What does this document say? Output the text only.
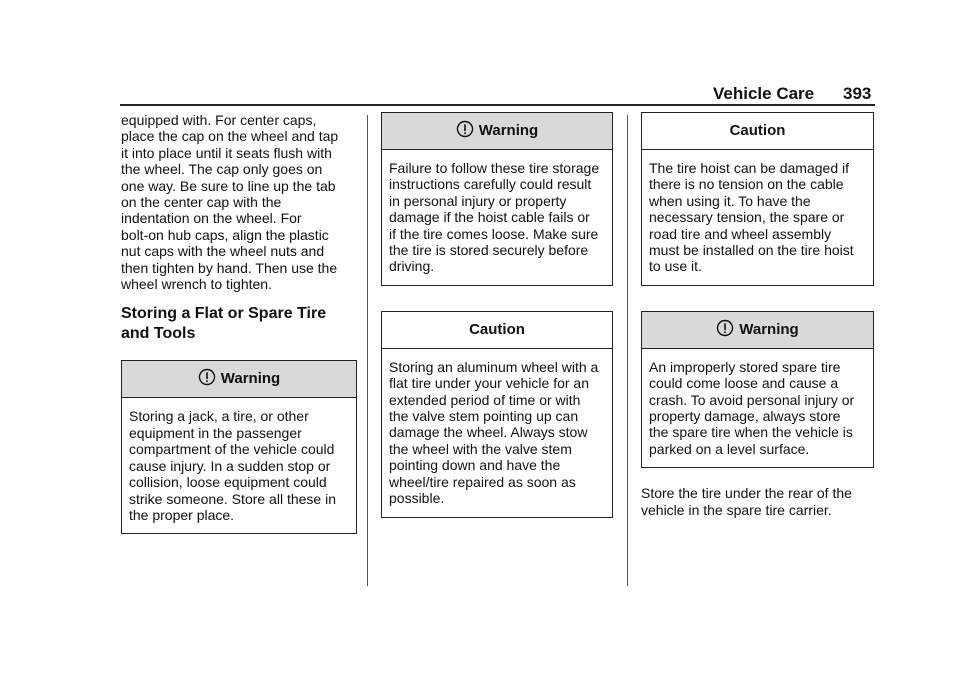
Vehicle Care 393

equipped with. For center caps,
place the cap on the wheel and tap
it into place until it seats flush with
the wheel. The cap only goes on
one way. Be sure to line up the tab
on the center cap with the
indentation on the wheel. For
bolt-on hub caps, align the plastic
nut caps with the wheel nuts and
then tighten by hand. Then use the
wheel wrench to tighten.

Storing a Flat or Spare Tire
and Tools

Warning
Storing a jack, a tire, or other
equipment in the passenger
compartment of the vehicle could
cause injury. In a sudden stop or
collision, loose equipment could
strike someone. Store all these in
the proper place.
Warning
Failure to follow these tire storage
instructions carefully could result
in personal injury or property
damage if the hoist cable fails or
if the tire comes loose. Make sure
the tire is stored securely before
driving.
Caution
Storing an aluminum wheel with a
flat tire under your vehicle for an
extended period of time or with
the valve stem pointing up can
damage the wheel. Always stow
the wheel with the valve stem
pointing down and have the
wheel/tire repaired as soon as
possible.
Caution
The tire hoist can be damaged if
there is no tension on the cable
when using it. To have the
necessary tension, the spare or
road tire and wheel assembly
must be installed on the tire hoist
to use it.
Warning
An improperly stored spare tire
could come loose and cause a
crash. To avoid personal injury or
property damage, always store
the spare tire when the vehicle is
parked on a level surface.

Store the tire under the rear of the
vehicle in the spare tire carrier.
